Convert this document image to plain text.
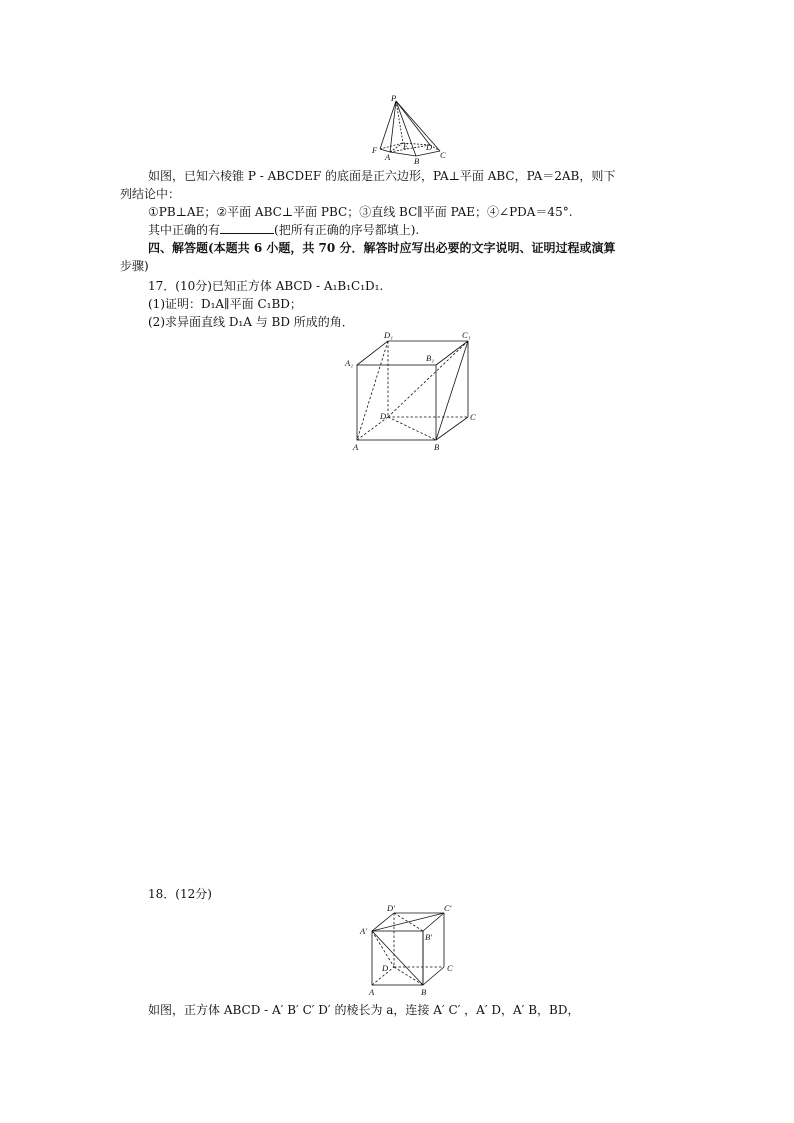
P
F	E D
A	B
C
如图，已知六棱锥 P - ABCDEF 的底面是正六边形，PA⊥平面 ABC，PA＝2AB，则下
列结论中：
①PB⊥AE；②平面 ABC⊥平面 PBC；③直线 BC∥平面 PAE；④∠PDA＝45°.
其中正确的有	(把所有正确的序号都填上).
四、解答题(本题共 6 小题，共 70 分．解答时应写出必要的文字说明、证明过程或演算
步骤)
17．(10分)已知正方体 ABCD - A₁B₁C₁D₁.
(1)证明：D₁A∥平面 C₁BD；
(2)求异面直线 D₁A 与 BD 所成的角．
D₁	C₁
A₁	B₁
D	C
A	B
18．(12分)
D′	C′
A′
B′
D	C
A	B
如图，正方体 ABCD - A′ B′ C′ D′ 的棱长为 a，连接 A′ C′ ，A′ D，A′ B，BD，
